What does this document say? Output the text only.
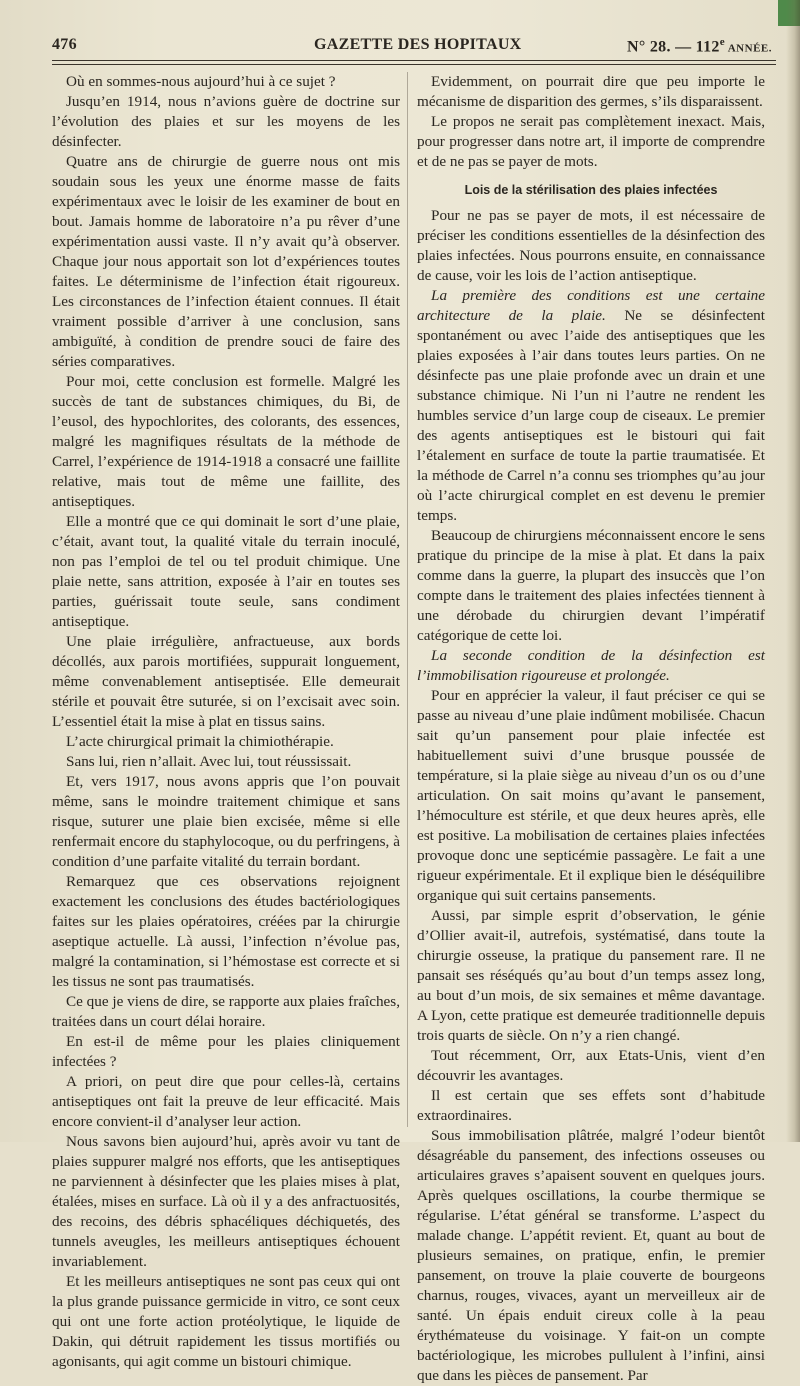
476	GAZETTE DES HOPITAUX	N° 28. — 112e ANNÉE.

Où en sommes-nous aujourd’hui à ce sujet ?

Jusqu’en 1914, nous n’avions guère de doctrine sur l’évolution des plaies et sur les moyens de les désinfecter.

Quatre ans de chirurgie de guerre nous ont mis soudain sous les yeux une énorme masse de faits expérimentaux avec le loisir de les examiner de bout en bout. Jamais homme de laboratoire n’a pu rêver d’une expérimentation aussi vaste. Il n’y avait qu’à observer. Chaque jour nous apportait son lot d’expériences toutes faites. Le déterminisme de l’infection était rigoureux. Les circonstances de l’infection étaient connues. Il était vraiment possible d’arriver à une conclusion, sans ambiguïté, à condition de prendre souci de faire des séries comparatives.

Pour moi, cette conclusion est formelle. Malgré les succès de tant de substances chimiques, du Bi, de l’eusol, des hypochlorites, des colorants, des essences, malgré les magnifiques résultats de la méthode de Carrel, l’expérience de 1914-1918 a consacré une faillite relative, mais tout de même une faillite, des antiseptiques.

Elle a montré que ce qui dominait le sort d’une plaie, c’était, avant tout, la qualité vitale du terrain inoculé, non pas l’emploi de tel ou tel produit chimique. Une plaie nette, sans attrition, exposée à l’air en toutes ses parties, guérissait toute seule, sans condiment antiseptique.

Une plaie irrégulière, anfractueuse, aux bords décollés, aux parois mortifiées, suppurait longuement, même convenablement antiseptisée. Elle demeurait stérile et pouvait être suturée, si on l’excisait avec soin. L’essentiel était la mise à plat en tissus sains.

L’acte chirurgical primait la chimiothérapie.

Sans lui, rien n’allait. Avec lui, tout réussissait.

Et, vers 1917, nous avons appris que l’on pouvait même, sans le moindre traitement chimique et sans risque, suturer une plaie bien excisée, même si elle renfermait encore du staphylocoque, ou du perfringens, à condition d’une parfaite vitalité du terrain bordant.

Remarquez que ces observations rejoignent exactement les conclusions des études bactériologiques faites sur les plaies opératoires, créées par la chirurgie aseptique actuelle. Là aussi, l’infection n’évolue pas, malgré la contamination, si l’hémostase est correcte et si les tissus ne sont pas traumatisés.

Ce que je viens de dire, se rapporte aux plaies fraîches, traitées dans un court délai horaire.

En est-il de même pour les plaies cliniquement infectées ?

A priori, on peut dire que pour celles-là, certains antiseptiques ont fait la preuve de leur efficacité. Mais encore convient-il d’analyser leur action.

Nous savons bien aujourd’hui, après avoir vu tant de plaies suppurer malgré nos efforts, que les antiseptiques ne parviennent à désinfecter que les plaies mises à plat, étalées, mises en surface. Là où il y a des anfractuosités, des recoins, des débris sphacéliques déchiquetés, des tunnels aveugles, les meilleurs antiseptiques échouent invariablement.

Et les meilleurs antiseptiques ne sont pas ceux qui ont la plus grande puissance germicide in vitro, ce sont ceux qui ont une forte action protéolytique, le liquide de Dakin, qui détruit rapidement les tissus mortifiés ou agonisants, qui agit comme un bistouri chimique.

Evidemment, on pourrait dire que peu importe le mécanisme de disparition des germes, s’ils disparaissent.

Le propos ne serait pas complètement inexact. Mais, pour progresser dans notre art, il importe de comprendre et de ne pas se payer de mots.

Lois de la stérilisation des plaies infectées

Pour ne pas se payer de mots, il est nécessaire de préciser les conditions essentielles de la désinfection des plaies infectées. Nous pourrons ensuite, en connaissance de cause, voir les lois de l’action antiseptique.

La première des conditions est une certaine architecture de la plaie. Ne se désinfectent spontanément ou avec l’aide des antiseptiques que les plaies exposées à l’air dans toutes leurs parties. On ne désinfecte pas une plaie profonde avec un drain et une substance chimique. Ni l’un ni l’autre ne rendent les humbles service d’un large coup de ciseaux. Le premier des agents antiseptiques est le bistouri qui fait l’étalement en surface de toute la partie traumatisée. Et la méthode de Carrel n’a connu ses triomphes qu’au jour où l’acte chirurgical complet en est devenu le premier temps.

Beaucoup de chirurgiens méconnaissent encore le sens pratique du principe de la mise à plat. Et dans la paix comme dans la guerre, la plupart des insuccès que l’on compte dans le traitement des plaies infectées tiennent à une dérobade du chirurgien devant l’impératif catégorique de cette loi.

La seconde condition de la désinfection est l’immobilisation rigoureuse et prolongée.

Pour en apprécier la valeur, il faut préciser ce qui se passe au niveau d’une plaie indûment mobilisée. Chacun sait qu’un pansement pour plaie infectée est habituellement suivi d’une brusque poussée de température, si la plaie siège au niveau d’un os ou d’une articulation. On sait moins qu’avant le pansement, l’hémoculture est stérile, et que deux heures après, elle est positive. La mobilisation de certaines plaies infectées provoque donc une septicémie passagère. Le fait a une rigueur expérimentale. Et il explique bien le déséquilibre organique qui suit certains pansements.

Aussi, par simple esprit d’observation, le génie d’Ollier avait-il, autrefois, systématisé, dans toute la chirurgie osseuse, la pratique du pansement rare. Il ne pansait ses réséqués qu’au bout d’un temps assez long, au bout d’un mois, de six semaines et même davantage. A Lyon, cette pratique est demeurée traditionnelle depuis trois quarts de siècle. On n’y a rien changé.

Tout récemment, Orr, aux Etats-Unis, vient d’en découvrir les avantages.

Il est certain que ses effets sont d’habitude extraordinaires.

Sous immobilisation plâtrée, malgré l’odeur bientôt désagréable du pansement, des infections osseuses ou articulaires graves s’apaisent souvent en quelques jours. Après quelques oscillations, la courbe thermique se régularise. L’état général se transforme. L’aspect du malade change. L’appétit revient. Et, quant au bout de plusieurs semaines, on pratique, enfin, le premier pansement, on trouve la plaie couverte de bourgeons charnus, rouges, vivaces, ayant un merveilleux air de santé. Un épais enduit cireux colle à la peau érythémateuse du voisinage. Y fait-on un compte bactériologique, les microbes pullulent à l’infini, ainsi que dans les pièces de pansement. Par
